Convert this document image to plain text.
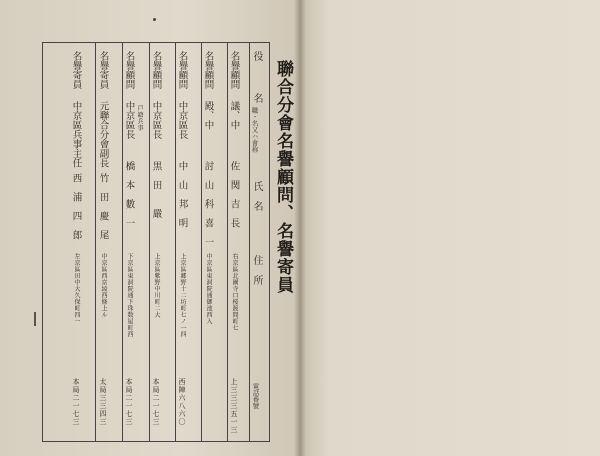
役
名
職・名又ハ會称
氏　名
住　所
電話番號
名譽顧問
議、中
佐　関　吉　長
右京區北園寺口桜渡間町七
上三三三五一三
名譽顧問
殿、中
討　山　科　喜　一
中京區東洞院通御池西入
名譽顧問
中京區長
中　山　邦　明
上京區郷野十二坊町七ノ一四
西陣六八六〇
名譽顧問
中京區長
黒　田　　嚴
上京區紫野中川町二大
本局二一七三
名譽顧問
中京區長 戸籍兵事
橋　本　數　一
下京區東洞院通下珠数屋町西
本局二一七三
名譽寄員
元聯合分會副長
竹　田　慶　尾
中京區西京綾西條上ル
太局三三四三
名譽寄員
中京區兵事主任
西　浦　四　郎
左京區田中大久保町四一
本局二一七三
聯合分會名譽顧問、名譽寄員
